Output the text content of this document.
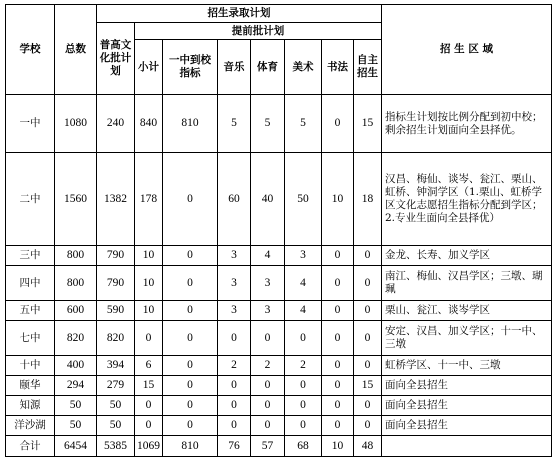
学校	总数	招生录取计划								招 生 区 域
		普高文化批计划	提前批计划							
			小计	一中到校指标	音乐	体育	美术	书法	自主招生	
一中	1080	240	840	810	5	5	5	0	15	指标生计划按比例分配到初中校；剩余招生计划面向全县择优。
二中	1560	1382	178	0	60	40	50	10	18	汉昌、梅仙、谈岑、瓮江、栗山、虹桥、钟洞学区（1.栗山、虹桥学区文化志愿招生指标分配到学区；2.专业生面向全县择优）
三中	800	790	10	0	3	4	3	0	0	金龙、长寿、加义学区
四中	800	790	10	0	3	3	4	0	0	南江、梅仙、汉昌学区；三墩、瑚珮
五中	600	590	10	0	3	3	4	0	0	栗山、瓮江、谈岑学区
七中	820	820	0	0	0	0	0	0	0	安定、汉昌、加义学区；十一中、三墩
十中	400	394	6	0	2	2	2	0	0	虹桥学区、十一中、三墩
颐华	294	279	15	0	0	0	0	0	15	面向全县招生
知源	50	50	0	0	0	0	0	0	0	面向全县招生
洋沙湖	50	50	0	0	0	0	0	0	0	面向全县招生
合计	6454	5385	1069	810	76	57	68	10	48	
